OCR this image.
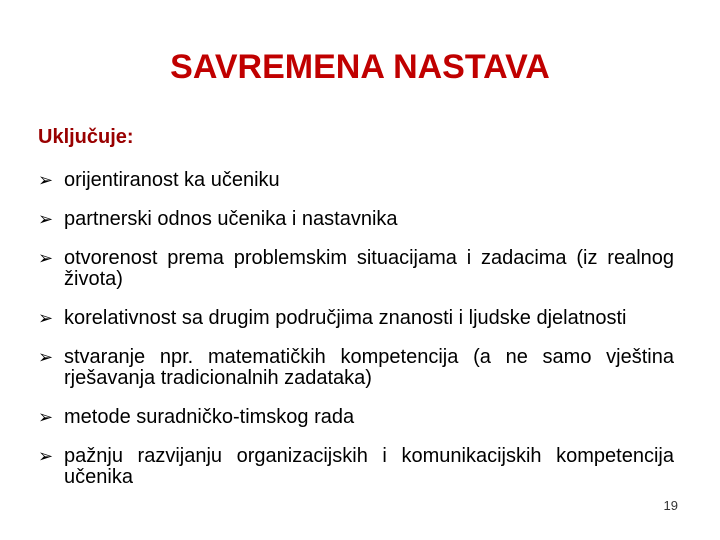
SAVREMENA NASTAVA

Uključuje:

➢ orijentiranost ka učeniku
➢ partnerski odnos učenika i nastavnika
➢ otvorenost prema problemskim situacijama i zadacima (iz realnog života)
➢ korelativnost sa drugim područjima znanosti i ljudske djelatnosti
➢ stvaranje npr. matematičkih kompetencija (a ne samo vještina rješavanja tradicionalnih zadataka)
➢ metode suradničko-timskog rada
➢ pažnju razvijanju organizacijskih i komunikacijskih kompetencija učenika
19
